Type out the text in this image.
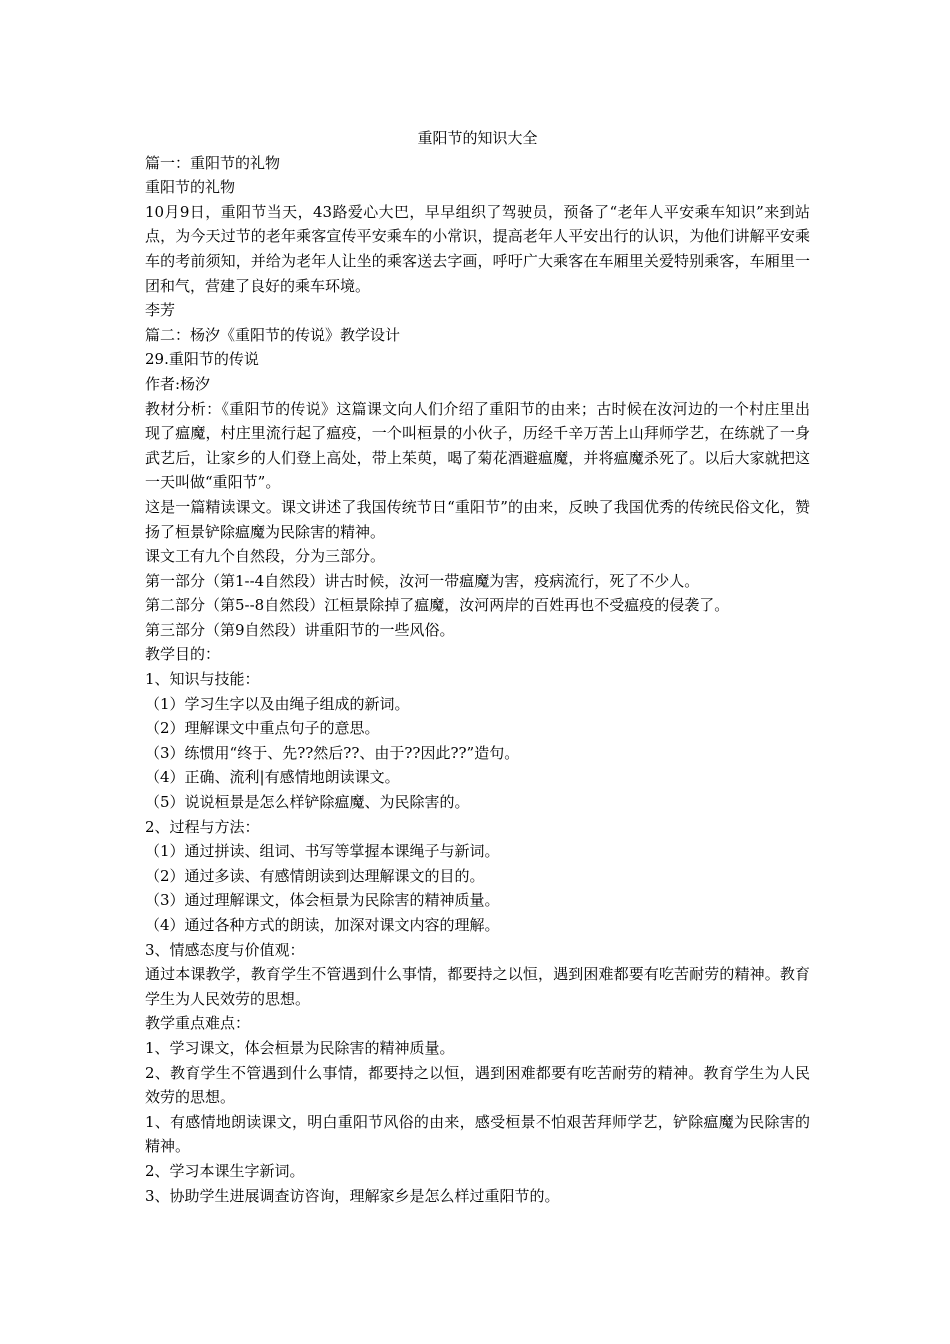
重阳节的知识大全

篇一：重阳节的礼物

重阳节的礼物

10月9日，重阳节当天，43路爱心大巴，早早组织了驾驶员，预备了“老年人平安乘车知识”来到站点，为今天过节的老年乘客宣传平安乘车的小常识，提高老年人平安出行的认识，为他们讲解平安乘车的考前须知，并给为老年人让坐的乘客送去字画，呼吁广大乘客在车厢里关爱特别乘客，车厢里一团和气，营建了良好的乘车环境。

李芳

篇二：杨汐《重阳节的传说》教学设计

29.重阳节的传说

作者:杨汐

教材分析：《重阳节的传说》这篇课文向人们介绍了重阳节的由来；古时候在汝河边的一个村庄里出现了瘟魔，村庄里流行起了瘟疫，一个叫桓景的小伙子，历经千辛万苦上山拜师学艺，在练就了一身武艺后，让家乡的人们登上高处，带上茱萸，喝了菊花酒避瘟魔，并将瘟魔杀死了。以后大家就把这一天叫做“重阳节”。

这是一篇精读课文。课文讲述了我国传统节日“重阳节”的由来，反映了我国优秀的传统民俗文化，赞扬了桓景铲除瘟魔为民除害的精神。

课文工有九个自然段，分为三部分。

第一部分（第1--4自然段）讲古时候，汝河一带瘟魔为害，疫病流行，死了不少人。

第二部分（第5--8自然段）江桓景除掉了瘟魔，汝河两岸的百姓再也不受瘟疫的侵袭了。

第三部分（第9自然段）讲重阳节的一些风俗。

教学目的：

1、知识与技能：

（1）学习生字以及由绳子组成的新词。

（2）理解课文中重点句子的意思。

（3）练惯用“终于、先??然后??、由于??因此??”造句。

（4）正确、流利|有感情地朗读课文。

（5）说说桓景是怎么样铲除瘟魔、为民除害的。

2、过程与方法：

（1）通过拼读、组词、书写等掌握本课绳子与新词。

（2）通过多读、有感情朗读到达理解课文的目的。

（3）通过理解课文，体会桓景为民除害的精神质量。

（4）通过各种方式的朗读，加深对课文内容的理解。

3、情感态度与价值观：

通过本课教学，教育学生不管遇到什么事情，都要持之以恒，遇到困难都要有吃苦耐劳的精神。教育学生为人民效劳的思想。

教学重点难点：

1、学习课文，体会桓景为民除害的精神质量。

2、教育学生不管遇到什么事情，都要持之以恒，遇到困难都要有吃苦耐劳的精神。教育学生为人民效劳的思想。

1、有感情地朗读课文，明白重阳节风俗的由来，感受桓景不怕艰苦拜师学艺，铲除瘟魔为民除害的精神。

2、学习本课生字新词。

3、协助学生进展调查访咨询，理解家乡是怎么样过重阳节的。
